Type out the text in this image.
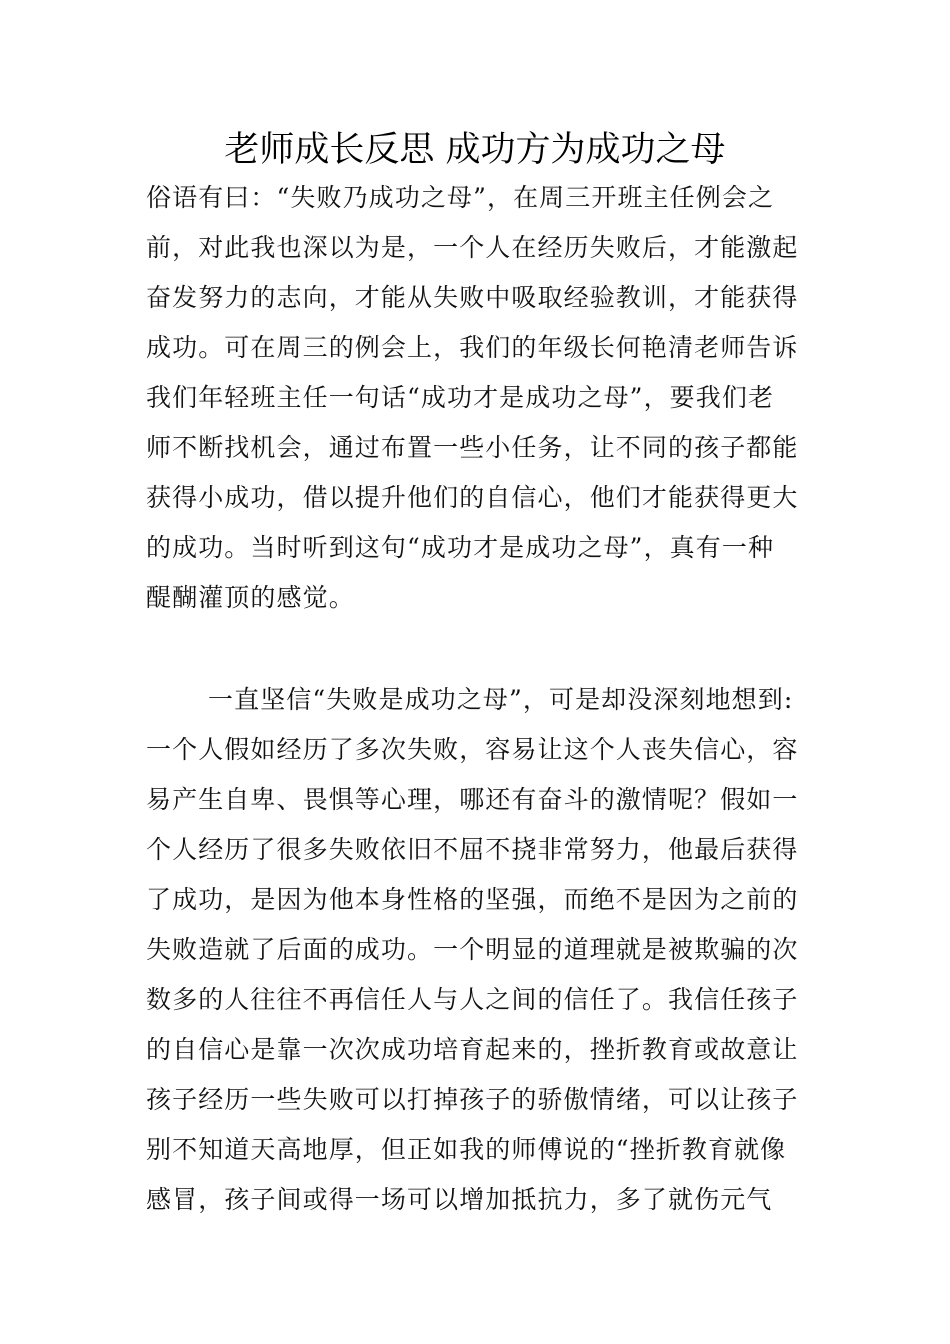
老师成长反思 成功方为成功之母
俗语有曰：“失败乃成功之母”，在周三开班主任例会之
前，对此我也深以为是，一个人在经历失败后，才能激起
奋发努力的志向，才能从失败中吸取经验教训，才能获得
成功。可在周三的例会上，我们的年级长何艳清老师告诉
我们年轻班主任一句话“成功才是成功之母”，要我们老
师不断找机会，通过布置一些小任务，让不同的孩子都能
获得小成功，借以提升他们的自信心，他们才能获得更大
的成功。当时听到这句“成功才是成功之母”，真有一种
醍醐灌顶的感觉。
一直坚信“失败是成功之母”，可是却没深刻地想到:
一个人假如经历了多次失败，容易让这个人丧失信心，容
易产生自卑、畏惧等心理，哪还有奋斗的激情呢？假如一
个人经历了很多失败依旧不屈不挠非常努力，他最后获得
了成功，是因为他本身性格的坚强，而绝不是因为之前的
失败造就了后面的成功。一个明显的道理就是被欺骗的次
数多的人往往不再信任人与人之间的信任了。我信任孩子
的自信心是靠一次次成功培育起来的，挫折教育或故意让
孩子经历一些失败可以打掉孩子的骄傲情绪，可以让孩子
别不知道天高地厚，但正如我的师傅说的“挫折教育就像
感冒，孩子间或得一场可以增加抵抗力，多了就伤元气
